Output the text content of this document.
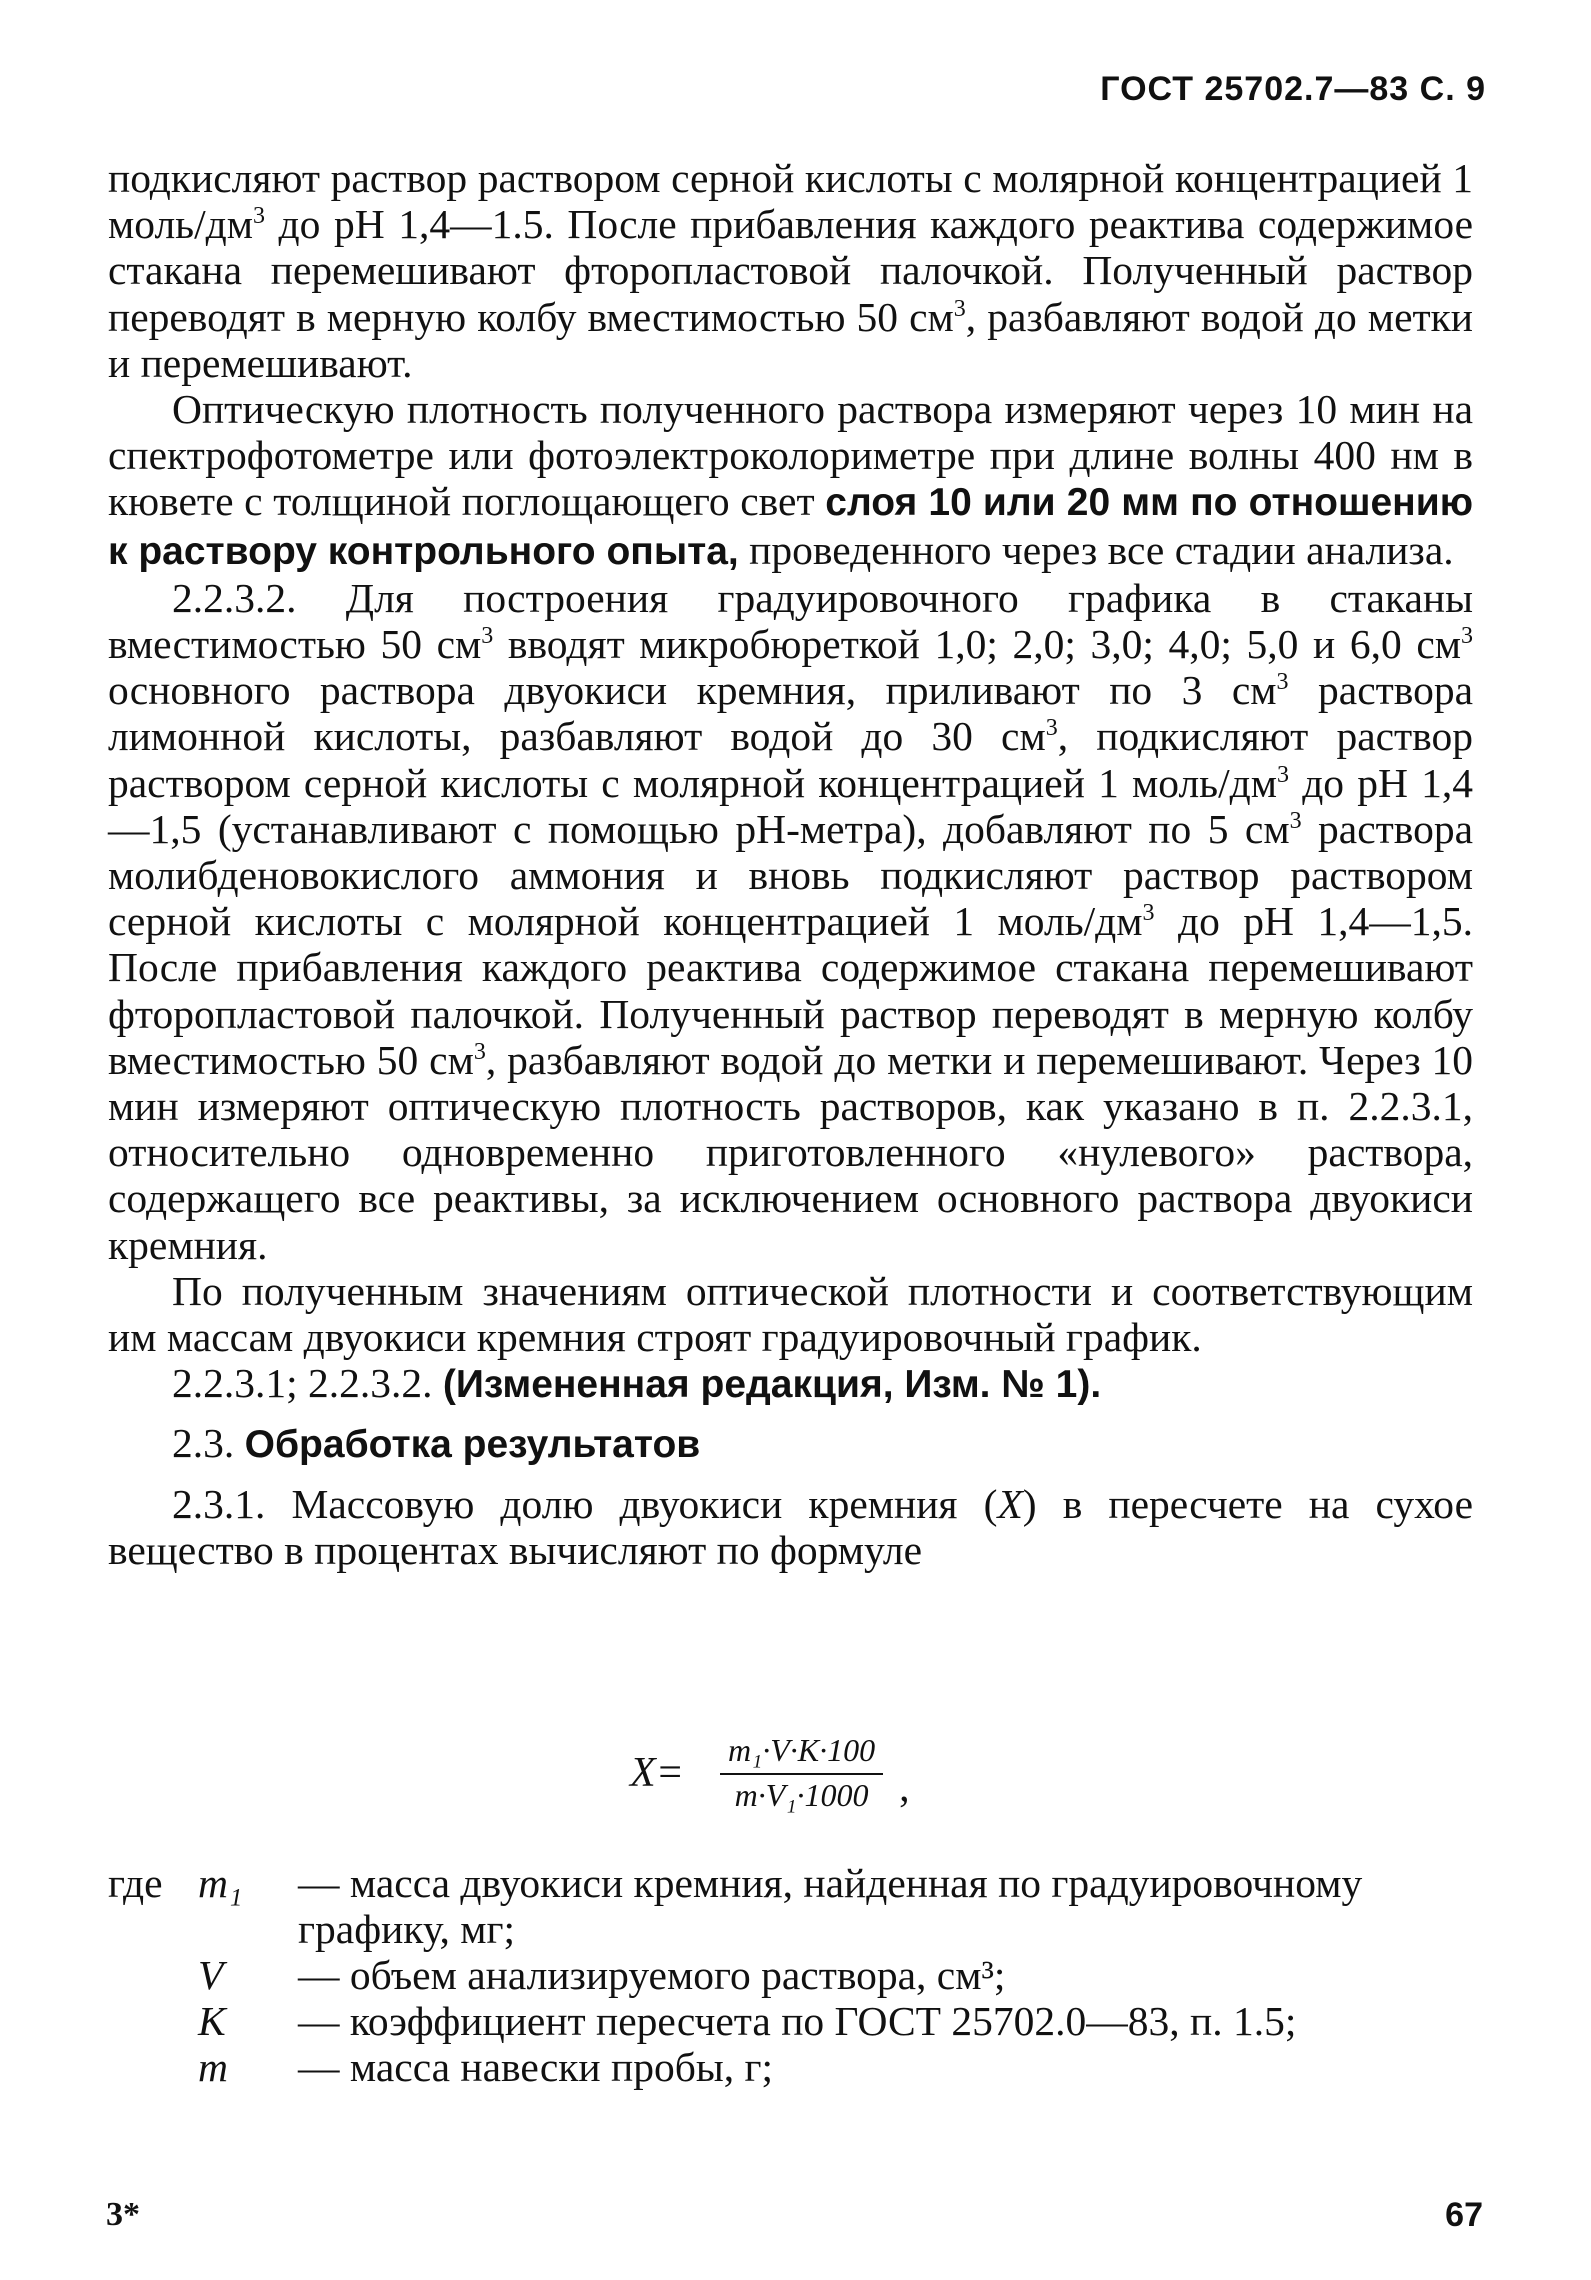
ГОСТ 25702.7—83 С. 9

подкисляют раствор раствором серной кислоты с молярной концентрацией 1 моль/$дм^3$ до pH 1,4—1.5. После прибавления каждого реактива содержимое стакана перемешивают фторопластовой палочкой. Полученный раствор переводят в мерную колбу вместимостью 50 $см^3$, разбавляют водой до метки и перемешивают.

Оптическую плотность полученного раствора измеряют через 10 мин на спектрофотометре или фотоэлектроколориметре при длине волны 400 нм в кювете с толщиной поглощающего свет слоя 10 или 20 мм по отношению к раствору контрольного опыта, проведенного через все стадии анализа.

2.2.3.2. Для построения градуировочного графика в стаканы вместимостью 50 $см^3$ вводят микробюреткой 1,0; 2,0; 3,0; 4,0; 5,0 и 6,0 $см^3$ основного раствора двуокиси кремния, приливают по 3 $см^3$ раствора лимонной кислоты, разбавляют водой до 30 $см^3$, подкисляют раствор раствором серной кислоты с молярной концентрацией 1 моль/$дм^3$ до pH 1,4—1,5 (устанавливают с помощью pH-метра), добавляют по 5 $см^3$ раствора молибденовокислого аммония и вновь подкисляют раствор раствором серной кислоты с молярной концентрацией 1 моль/$дм^3$ до pH 1,4—1,5. После прибавления каждого реактива содержимое стакана перемешивают фторопластовой палочкой. Полученный раствор переводят в мерную колбу вместимостью 50 $см^3$, разбавляют водой до метки и перемешивают. Через 10 мин измеряют оптическую плотность растворов, как указано в п. 2.2.3.1, относительно одновременно приготовленного «нулевого» раствора, содержащего все реактивы, за исключением основного раствора двуокиси кремния.

По полученным значениям оптической плотности и соответствующим им массам двуокиси кремния строят градуировочный график.

2.2.3.1; 2.2.3.2. (Измененная редакция, Изм. № 1).

2.3. Обработка результатов

2.3.1. Массовую долю двуокиси кремния (X) в пересчете на сухое вещество в процентах вычисляют по формуле

$X= \frac{\text{m₁·V·K·100}}{\text{m·V₁·1000}}$ ,
где m₁	— масса двуокиси кремния, найденная по градуировочному графику, мг;
V	— объем анализируемого раствора, см³;
K	— коэффициент пересчета по ГОСТ 25702.0—83, п. 1.5;
m	— масса навески пробы, г;
3*	67
